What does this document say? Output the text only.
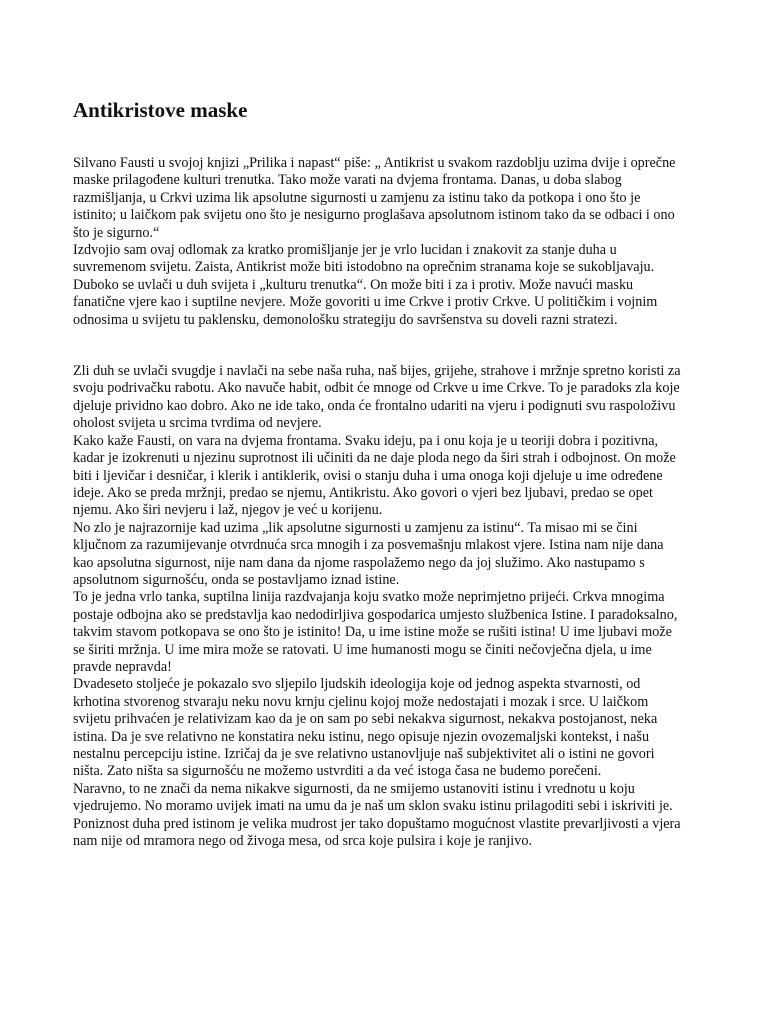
Antikristove maske

Silvano Fausti u svojoj knjizi „Prilika i napast“ piše: „ Antikrist u svakom razdoblju uzima dvije i oprečne maske prilagođene kulturi trenutka. Tako može varati na dvjema frontama. Danas, u doba slabog razmišljanja, u Crkvi uzima lik apsolutne sigurnosti u zamjenu za istinu tako da potkopa i ono što je istinito; u laičkom pak svijetu ono što je nesigurno proglašava apsolutnom istinom tako da se odbaci i ono što je sigurno.“

Izdvojio sam ovaj odlomak za kratko promišljanje jer je vrlo lucidan i znakovit za stanje duha u suvremenom svijetu. Zaista, Antikrist može biti istodobno na oprečnim stranama koje se sukobljavaju. Duboko se uvlači u duh svijeta i „kulturu trenutka“. On može biti i za i protiv. Može navući masku fanatične vjere kao i suptilne nevjere. Može govoriti u ime Crkve i protiv Crkve. U političkim i vojnim odnosima u svijetu tu paklensku, demonološku strategiju do savršenstva su doveli razni stratezi.

Zli duh se uvlači svugdje i navlači na sebe naša ruha, naš bijes, grijehe, strahove i mržnje spretno koristi za svoju podrivačku rabotu. Ako navuče habit, odbit će mnoge od Crkve u ime Crkve. To je paradoks zla koje djeluje prividno kao dobro. Ako ne ide tako, onda će frontalno udariti na vjeru i podignuti svu raspoloživu oholost svijeta u srcima tvrdima od nevjere.

Kako kaže Fausti, on vara na dvjema frontama. Svaku ideju, pa i onu koja je u teoriji dobra i pozitivna, kadar je izokrenuti u njezinu suprotnost ili učiniti da ne daje ploda nego da širi strah i odbojnost. On može biti i ljevičar i desničar, i klerik i antiklerik, ovisi o stanju duha i uma onoga koji djeluje u ime određene ideje. Ako se preda mržnji, predao se njemu, Antikristu. Ako govori o vjeri bez ljubavi, predao se opet njemu. Ako širi nevjeru i laž, njegov je već u korijenu.

No zlo je najrazornije kad uzima „lik apsolutne sigurnosti u zamjenu za istinu“. Ta misao mi se čini ključnom za razumijevanje otvrdnuća srca mnogih i za posvemašnju mlakost vjere. Istina nam nije dana kao apsolutna sigurnost, nije nam dana da njome raspolažemo nego da joj služimo. Ako nastupamo s apsolutnom sigurnošću, onda se postavljamo iznad istine.

To je jedna vrlo tanka, suptilna linija razdvajanja koju svatko može neprimjetno prijeći. Crkva mnogima postaje odbojna ako se predstavlja kao nedodirljiva gospodarica umjesto službenica Istine. I paradoksalno, takvim stavom potkopava se ono što je istinito! Da, u ime istine može se rušiti istina! U ime ljubavi može se širiti mržnja. U ime mira može se ratovati. U ime humanosti mogu se činiti nečovječna djela, u ime pravde nepravda!

Dvadeseto stoljeće je pokazalo svo sljepilo ljudskih ideologija koje od jednog aspekta stvarnosti, od krhotina stvorenog stvaraju neku novu krnju cjelinu kojoj može nedostajati i mozak i srce. U laičkom svijetu prihvaćen je relativizam kao da je on sam po sebi nekakva sigurnost, nekakva postojanost, neka istina. Da je sve relativno ne konstatira neku istinu, nego opisuje njezin ovozemaljski kontekst, i našu nestalnu percepciju istine. Izričaj da je sve relativno ustanovljuje naš subjektivitet ali o istini ne govori ništa. Zato ništa sa sigurnošću ne možemo ustvrditi a da već istoga časa ne budemo porečeni.

Naravno, to ne znači da nema nikakve sigurnosti, da ne smijemo ustanoviti istinu i vrednotu u koju vjedrujemo. No moramo uvijek imati na umu da je naš um sklon svaku istinu prilagoditi sebi i iskriviti je. Poniznost duha pred istinom je velika mudrost jer tako dopuštamo mogućnost vlastite prevarljivosti a vjera nam nije od mramora nego od živoga mesa, od srca koje pulsira i koje je ranjivo.
